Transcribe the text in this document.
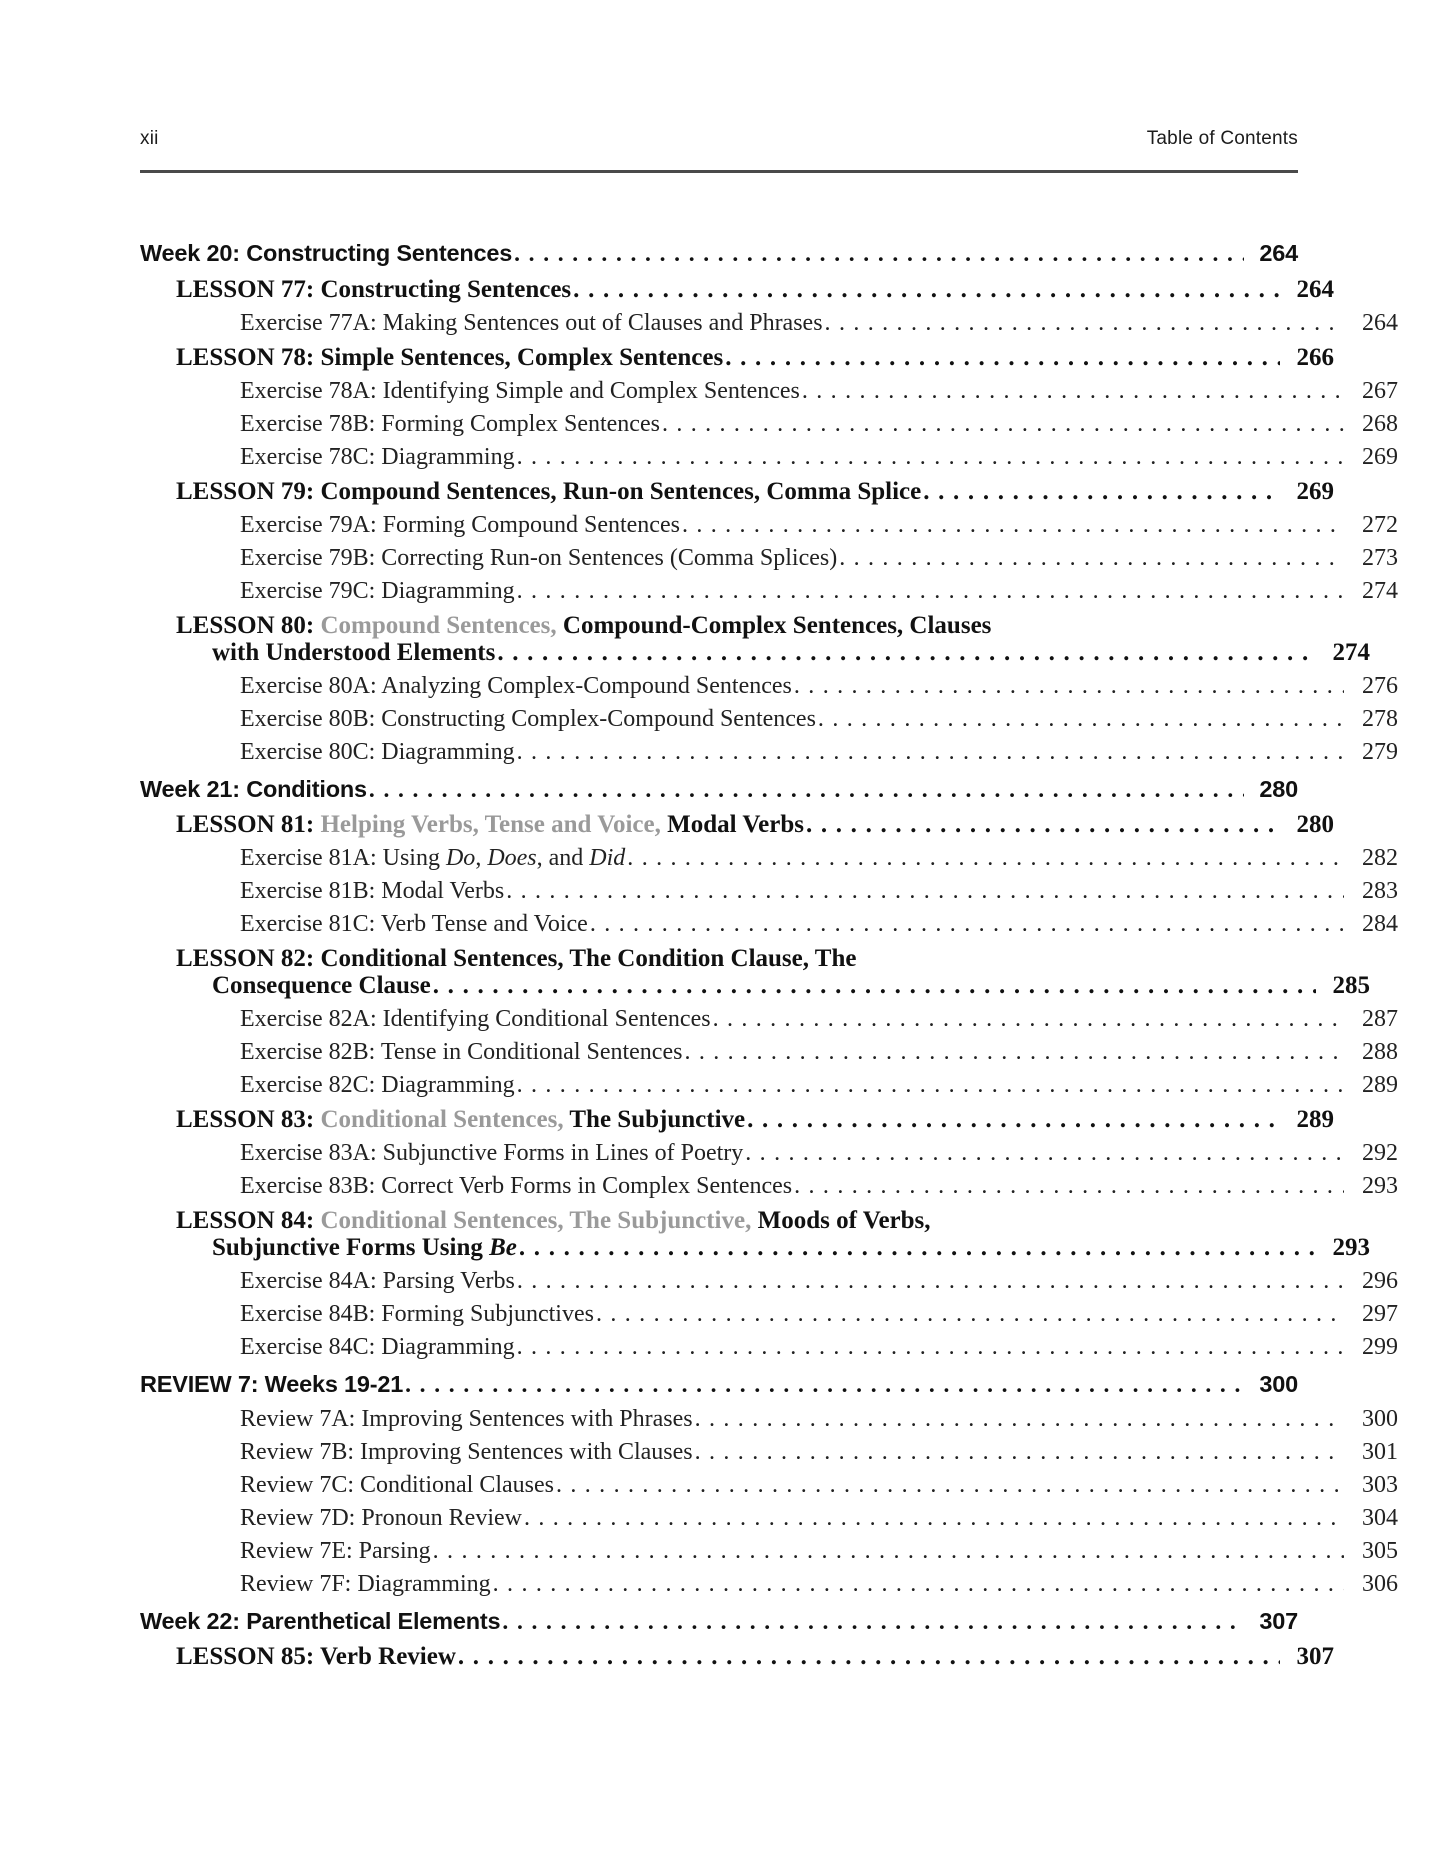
xii	Table of Contents
Week 20: Constructing Sentences . . .	264
LESSON 77: Constructing Sentences . . .	264
Exercise 77A: Making Sentences out of Clauses and Phrases . . .	264
LESSON 78: Simple Sentences, Complex Sentences . . .	266
Exercise 78A: Identifying Simple and Complex Sentences . . .	267
Exercise 78B: Forming Complex Sentences . . .	268
Exercise 78C: Diagramming . . .	269
LESSON 79: Compound Sentences, Run-on Sentences, Comma Splice . . .	269
Exercise 79A: Forming Compound Sentences . . .	272
Exercise 79B: Correcting Run-on Sentences (Comma Splices) . . .	273
Exercise 79C: Diagramming . . .	274
LESSON 80: Compound Sentences, Compound-Complex Sentences, Clauses
with Understood Elements . . .	274
Exercise 80A: Analyzing Complex-Compound Sentences . . .	276
Exercise 80B: Constructing Complex-Compound Sentences . . .	278
Exercise 80C: Diagramming . . .	279
Week 21: Conditions . . .	280
LESSON 81: Helping Verbs, Tense and Voice, Modal Verbs . . .	280
Exercise 81A: Using Do, Does, and Did . . .	282
Exercise 81B: Modal Verbs . . .	283
Exercise 81C: Verb Tense and Voice . . .	284
LESSON 82: Conditional Sentences, The Condition Clause, The
Consequence Clause . . .	285
Exercise 82A: Identifying Conditional Sentences . . .	287
Exercise 82B: Tense in Conditional Sentences . . .	288
Exercise 82C: Diagramming . . .	289
LESSON 83: Conditional Sentences, The Subjunctive . . .	289
Exercise 83A: Subjunctive Forms in Lines of Poetry . . .	292
Exercise 83B: Correct Verb Forms in Complex Sentences . . .	293
LESSON 84: Conditional Sentences, The Subjunctive, Moods of Verbs,
Subjunctive Forms Using Be . . .	293
Exercise 84A: Parsing Verbs . . .	296
Exercise 84B: Forming Subjunctives . . .	297
Exercise 84C: Diagramming . . .	299
REVIEW 7: Weeks 19-21 . . .	300
Review 7A: Improving Sentences with Phrases . . .	300
Review 7B: Improving Sentences with Clauses . . .	301
Review 7C: Conditional Clauses . . .	303
Review 7D: Pronoun Review . . .	304
Review 7E: Parsing . . .	305
Review 7F: Diagramming . . .	306
Week 22: Parenthetical Elements . . .	307
LESSON 85: Verb Review . . .	307
